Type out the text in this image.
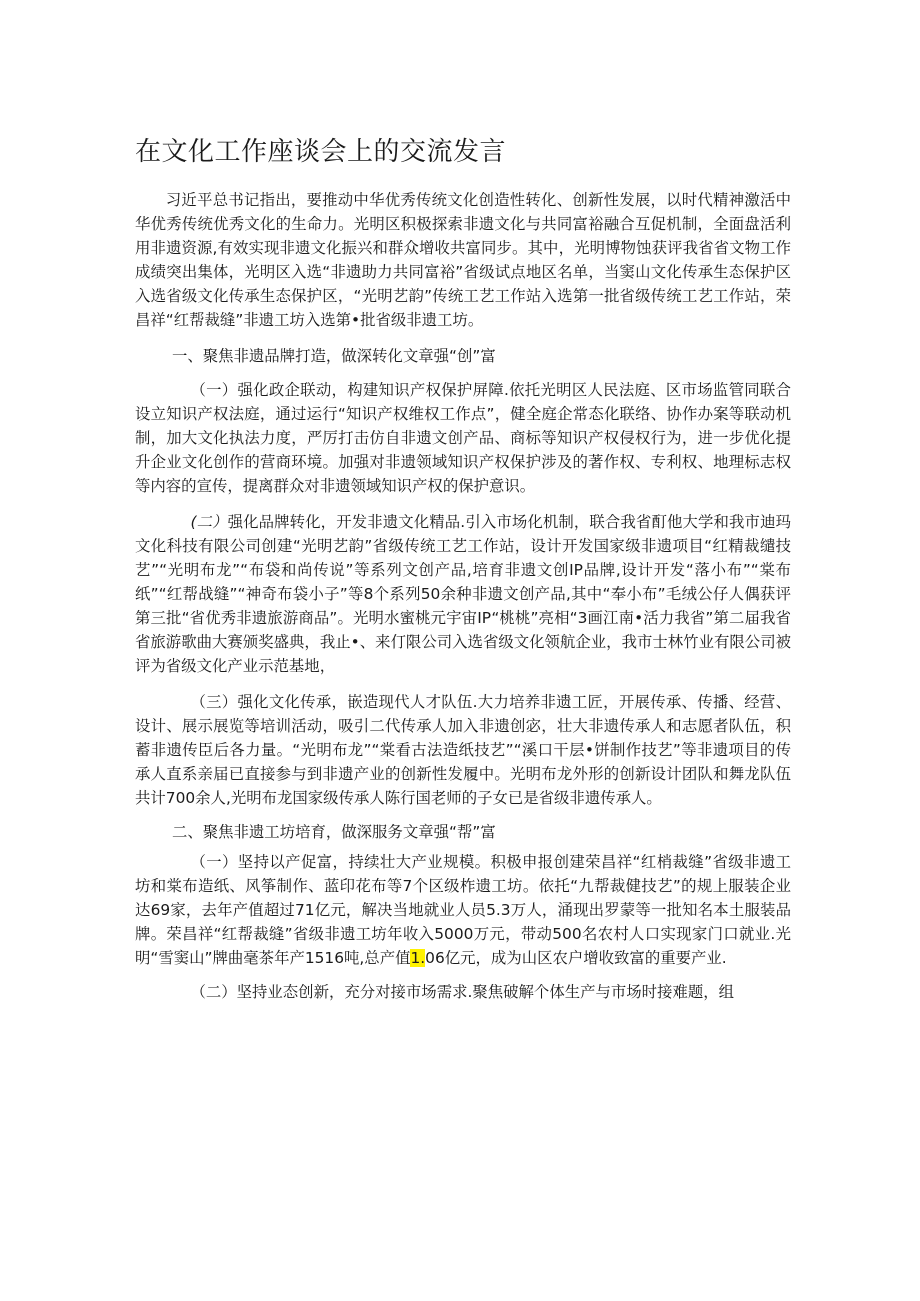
在文化工作座谈会上的交流发言

习近平总书记指出，要推动中华优秀传统文化创造性转化、创新性发展，以时代精神激活中华优秀传统优秀文化的生命力。光明区积极探索非遗文化与共同富裕融合互促机制，全面盘活利用非遗资源,有效实现非遗文化振兴和群众增收共富同步。其中，光明博物蚀获评我省省文物工作成绩突出集体，光明区入选“非遗助力共同富裕”省级试点地区名单，当窦山文化传承生态保护区入选省级文化传承生态保护区，“光明艺韵”传统工艺工作站入选第一批省级传统工艺工作站，荣昌祥“红帮裁缝”非遗工坊入选第•批省级非遗工坊。

一、聚焦非遗品牌打造，做深转化文章强“创”富

（一）强化政企联动，构建知识产权保护屏障.依托光明区人民法庭、区市场监管同联合设立知识产权法庭，通过运行“知识产权维权工作点”，健全庭企常态化联络、协作办案等联动机制，加大文化执法力度，严厉打击仿自非遗文创产品、商标等知识产权侵权行为，进一步优化提升企业文化创作的营商环境。加强对非遗领域知识产权保护涉及的著作权、专利权、地理标志权等内容的宣传，提离群众对非遗领域知识产权的保护意识。

(二）强化品牌转化，开发非遗文化精品.引入市场化机制，联合我省酊他大学和我市迪玛文化科技有限公司创建“光明艺韵”省级传统工艺工作站，设计开发国家级非遗项目“红精裁缱技艺”“光明布龙”“布袋和尚传说”等系列文创产品,培育非遗文创IP品牌,设计开发“落小布”“棠布纸”“红帮战缝”“神奇布袋小子”等8个系列50余种非遗文创产品,其中“奉小布”毛绒公仔人偶获评第三批“省优秀非遗旅游商品”。光明水蜜桃元宇宙IP“桃桃”亮相“3画江南•活力我省”第二届我省省旅游歌曲大赛颁奖盛典，我止•、来仃限公司入选省级文化领航企业，我市士林竹业有限公司被评为省级文化产业示范基地，

（三）强化文化传承，嵌造现代人才队伍.大力培养非遗工匠，开展传承、传播、经营、设计、展示展览等培训活动，吸引二代传承人加入非遗创宓，壮大非遗传承人和志愿者队伍，积蓄非遗传臣后各力量。“光明布龙”“棠看古法造纸技艺”“溪口干层•饼制作技艺”等非遗项目的传承人直系亲届已直接参与到非遗产业的创新性发履中。光明布龙外形的创新设计团队和舞龙队伍共计700余人,光明布龙国家级传承人陈行国老师的子女已是省级非遗传承人。

二、聚焦非遗工坊培育，做深服务文章强“帮”富

（一）坚持以产促富，持续壮大产业规模。积极申报创建荣昌祥“红梢裁缝”省级非遗工坊和棠布造纸、风筝制作、蓝印花布等7个区级柞遗工坊。依托“九帮裁健技艺”的规上服装企业达69家，去年产值超过71亿元，解决当地就业人员5.3万人，涌现出罗蒙等一批知名本土服装品牌。荣昌祥“红帮裁缝”省级非遗工坊年收入5000万元，带动500名农村人口实现家门口就业.光明“雪窦山”牌曲毫茶年产1516吨,总产值1.06亿元，成为山区农户增收致富的重要产业.

（二）坚持业态创新，充分对接市场需求.聚焦破解个体生产与市场时接难题，组
